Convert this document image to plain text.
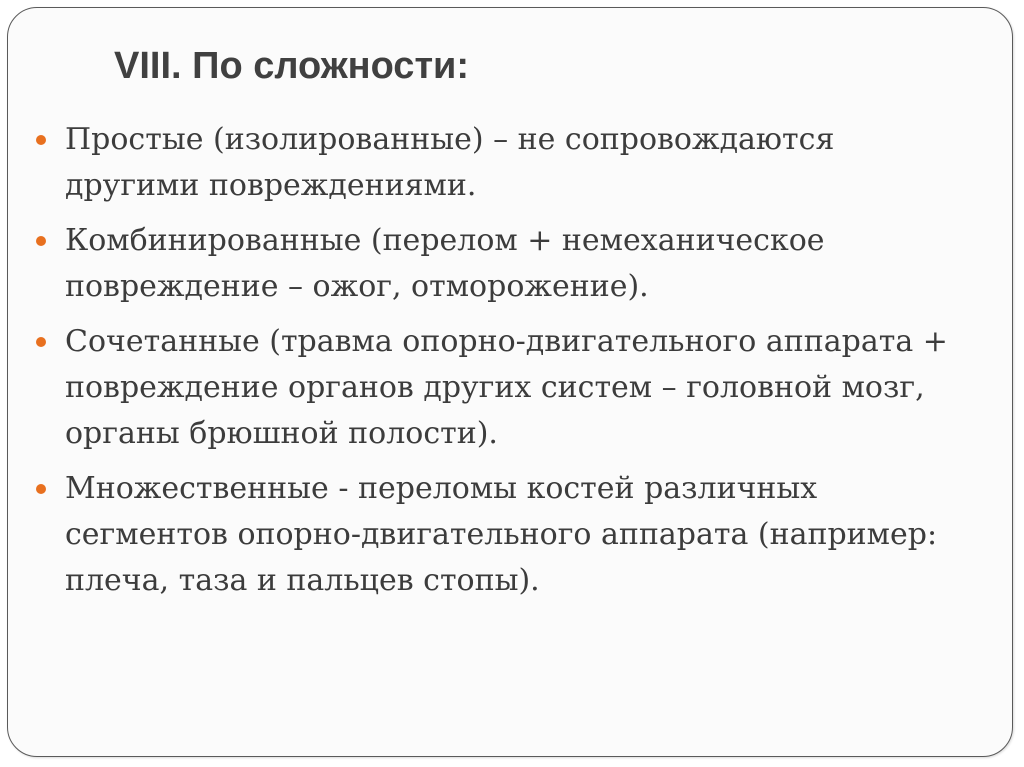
VIII. По сложности:
Простые (изолированные) – не сопровождаются другими повреждениями.
Комбинированные (перелом + немеханическое повреждение – ожог, отморожение).
Сочетанные (травма опорно-двигательного аппарата + повреждение органов других систем – головной мозг, органы брюшной полости).
Множественные - переломы костей различных сегментов опорно-двигательного аппарата (например: плеча, таза и пальцев стопы).
